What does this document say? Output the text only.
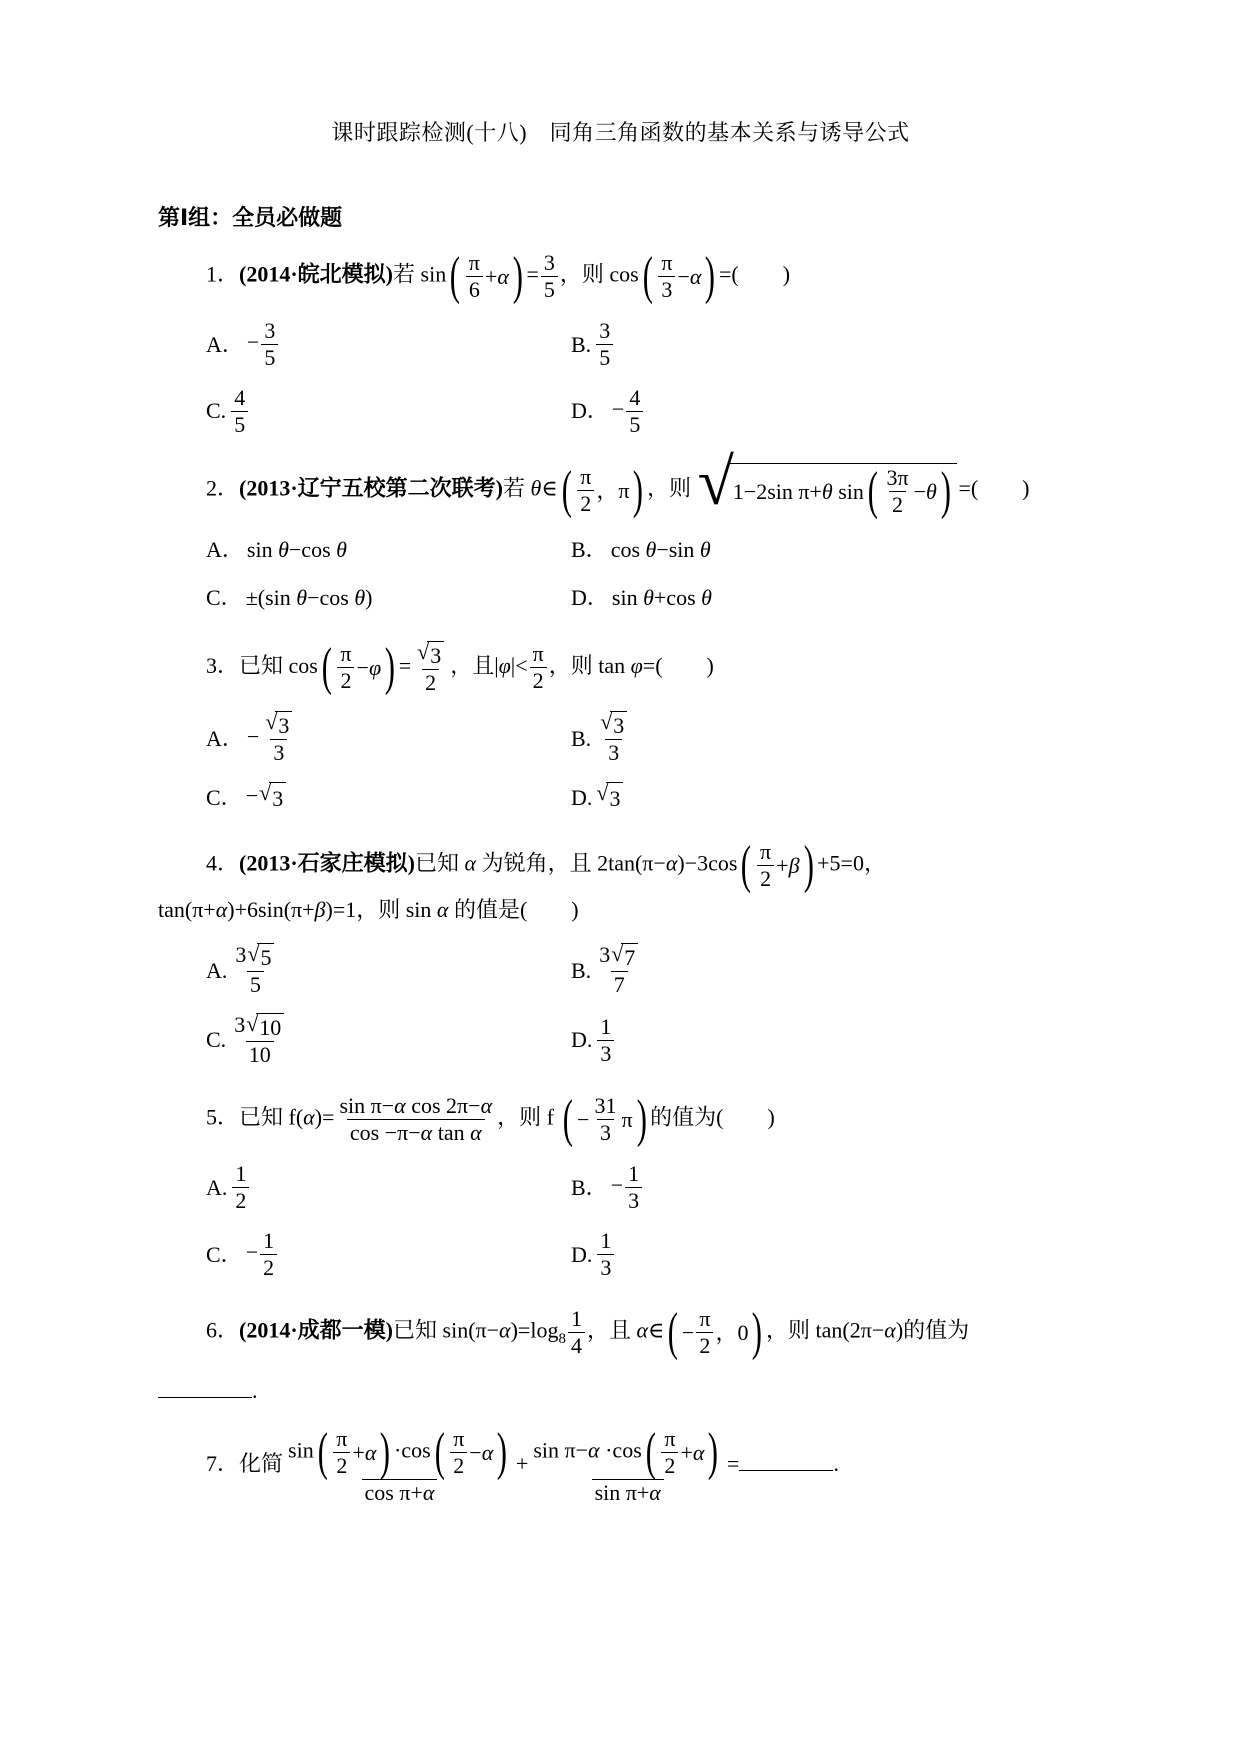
课时跟踪检测(十八)　同角三角函数的基本关系与诱导公式
第Ⅰ组：全员必做题
1．(2014·皖北模拟)若 sin ( $\frac{\pi}{6} +\alpha$ ) = $\frac{3}{5}$ ，则 cos ( $\frac{\pi}{3} -\alpha$ ) =(　　)
A． − $\frac{3}{5}$	B. $\frac{3}{5}$
C. $\frac{4}{5}$	D． − $\frac{4}{5}$
2．(2013·辽宁五校第二次联考)若 θ∈ ( $\frac{\pi}{2}$ ，π ) ，则 √ 1−2sin π+θ sin ( $\frac{3\pi}{2} -\theta$ ) =(　　)
A． sin θ−cos θ	B． cos θ−sin θ
C． ±(sin θ−cos θ)	D． sin θ+cos θ
3．已知 cos ( $\frac{\pi}{2} -\varphi$ ) = $\frac{√ 3}{2}$ ，且$|\varphi|< \frac{\pi}{2}$ ，则 tan φ=(　　)
A． − $\frac{√ 3}{3}$	B. $\frac{√ 3}{3}$
C． − √ 3	D. √ 3
4．(2013·石家庄模拟)已知 α 为锐角，且 2tan(π−α)−3cos ( $\frac{\pi}{2} +\beta$ ) +5=0，tan(π+α)+6sin(π+β)=1，则 sin α 的值是(　　)
A. $\frac{3 √ 5}{5}$	B. $\frac{3 √ 7}{7}$
C. $\frac{3 √ 10}{10}$	D. $\frac{1}{3}$
5．已知 $f(\alpha)= \frac{\text{sin π−α cos 2π−α}}{\text{cos −π−α tan α}}$ ，则 f ( − $\frac{31}{3}$ π ) 的值为(　　)
A. $\frac{1}{2}$	B． − $\frac{1}{3}$
C． − $\frac{1}{2}$	D. $\frac{1}{3}$
6．(2014·成都一模)已知 $\sin(\pi-\alpha)=\log_8 \frac{1}{4}$ ，且 α∈ ( − $\frac{\pi}{2}$ ，0 ) ，则 tan(2π−α)的值为
.
7．化简 $\frac{\sin ( \frac{\pi}{2} +\alpha ) \cdot\cos ( \frac{\pi}{2} -\alpha )}{\text{cos π+α}} + \frac{\sin \pi-\alpha \cdot\cos ( \frac{\pi}{2} +\alpha )}{\text{sin π+α}}$ =	.
